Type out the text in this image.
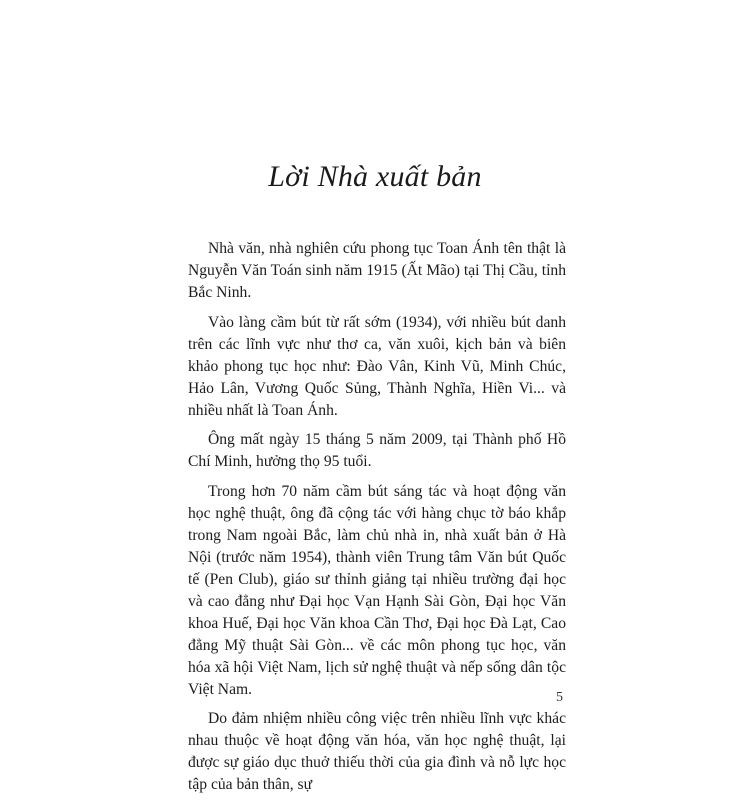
Lời Nhà xuất bản

Nhà văn, nhà nghiên cứu phong tục Toan Ánh tên thật là Nguyễn Văn Toán sinh năm 1915 (Ất Mão) tại Thị Cầu, tỉnh Bắc Ninh.

Vào làng cầm bút từ rất sớm (1934), với nhiều bút danh trên các lĩnh vực như thơ ca, văn xuôi, kịch bản và biên khảo phong tục học như: Đào Vân, Kinh Vũ, Minh Chúc, Hảo Lân, Vương Quốc Sủng, Thành Nghĩa, Hiền Vi... và nhiều nhất là Toan Ánh.

Ông mất ngày 15 tháng 5 năm 2009, tại Thành phố Hồ Chí Minh, hưởng thọ 95 tuổi.

Trong hơn 70 năm cầm bút sáng tác và hoạt động văn học nghệ thuật, ông đã cộng tác với hàng chục tờ báo khắp trong Nam ngoài Bắc, làm chủ nhà in, nhà xuất bản ở Hà Nội (trước năm 1954), thành viên Trung tâm Văn bút Quốc tế (Pen Club), giáo sư thỉnh giảng tại nhiều trường đại học và cao đẳng như Đại học Vạn Hạnh Sài Gòn, Đại học Văn khoa Huế, Đại học Văn khoa Cần Thơ, Đại học Đà Lạt, Cao đẳng Mỹ thuật Sài Gòn... về các môn phong tục học, văn hóa xã hội Việt Nam, lịch sử nghệ thuật và nếp sống dân tộc Việt Nam.

Do đảm nhiệm nhiều công việc trên nhiều lĩnh vực khác nhau thuộc về hoạt động văn hóa, văn học nghệ thuật, lại được sự giáo dục thuở thiếu thời của gia đình và nỗ lực học tập của bản thân, sự

5
